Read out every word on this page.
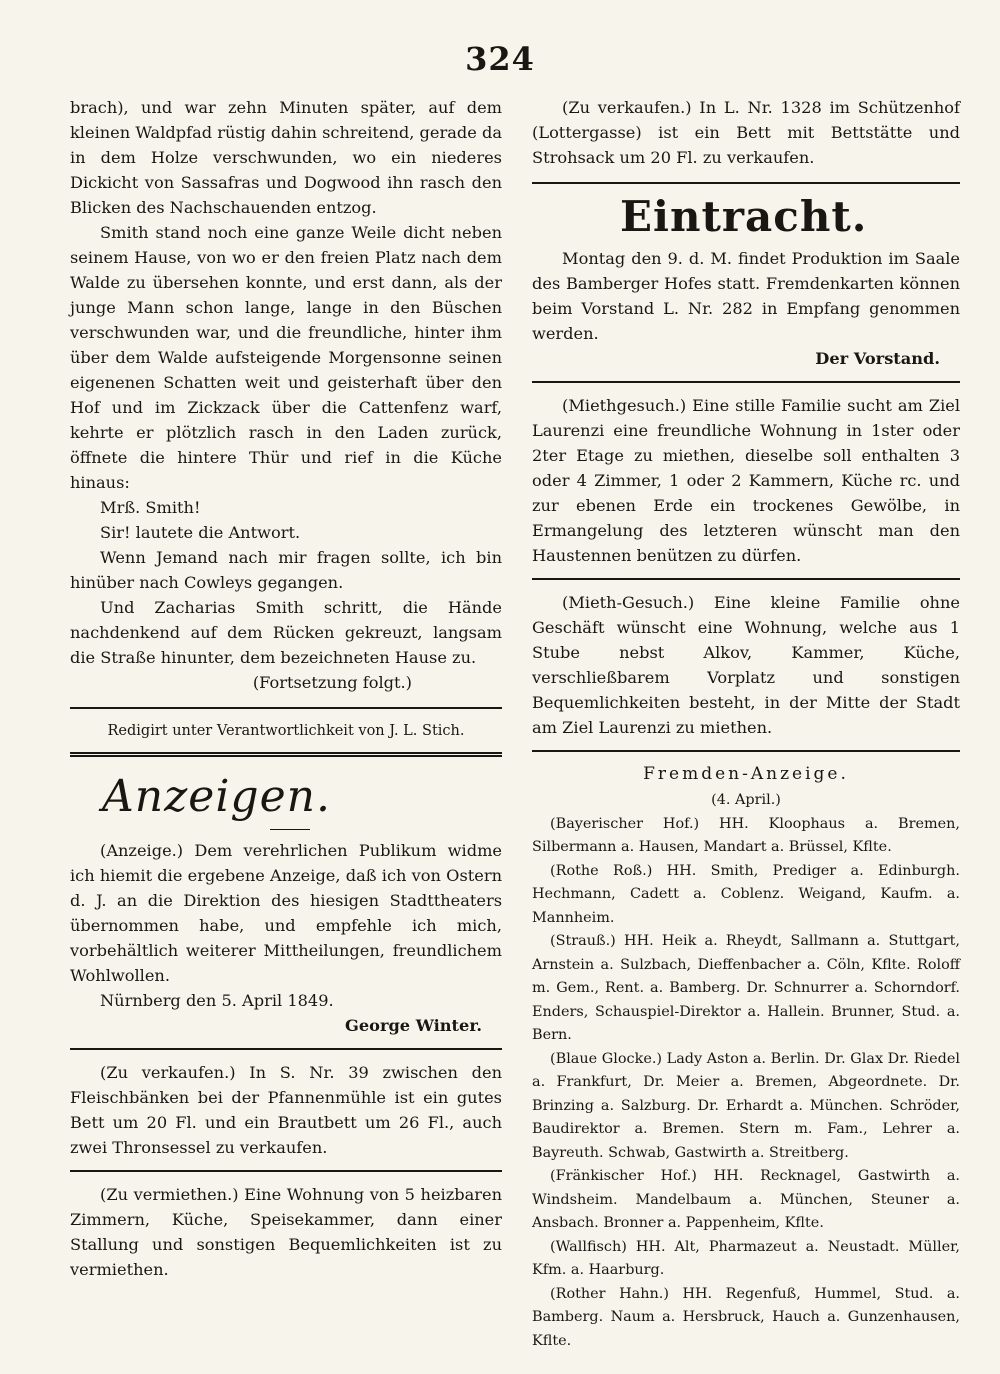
324

brach), und war zehn Minuten später, auf dem kleinen Waldpfad rüstig dahin schreitend, gerade da in dem Holze verschwunden, wo ein niederes Dickicht von Sassafras und Dogwood ihn rasch den Blicken des Nachschauenden entzog.

Smith stand noch eine ganze Weile dicht neben seinem Hause, von wo er den freien Platz nach dem Walde zu übersehen konnte, und erst dann, als der junge Mann schon lange, lange in den Büschen verschwunden war, und die freundliche, hinter ihm über dem Walde aufsteigende Morgensonne seinen eigenenen Schatten weit und geisterhaft über den Hof und im Zickzack über die Cattenfenz warf, kehrte er plötzlich rasch in den Laden zurück, öffnete die hintere Thür und rief in die Küche hinaus:

Mrß. Smith!

Sir! lautete die Antwort.

Wenn Jemand nach mir fragen sollte, ich bin hinüber nach Cowleys gegangen.

Und Zacharias Smith schritt, die Hände nachdenkend auf dem Rücken gekreuzt, langsam die Straße hinunter, dem bezeichneten Hause zu.

(Fortsetzung folgt.)

Redigirt unter Verantwortlichkeit von J. L. Stich.

Anzeigen.

(Anzeige.) Dem verehrlichen Publikum widme ich hiemit die ergebene Anzeige, daß ich von Ostern d. J. an die Direktion des hiesigen Stadttheaters übernommen habe, und empfehle ich mich, vorbehältlich weiterer Mittheilungen, freundlichem Wohlwollen.

Nürnberg den 5. April 1849.

George Winter.

(Zu verkaufen.) In S. Nr. 39 zwischen den Fleischbänken bei der Pfannenmühle ist ein gutes Bett um 20 Fl. und ein Brautbett um 26 Fl., auch zwei Thronsessel zu verkaufen.

(Zu vermiethen.) Eine Wohnung von 5 heizbaren Zimmern, Küche, Speisekammer, dann einer Stallung und sonstigen Bequemlichkeiten ist zu vermiethen.

(Zu verkaufen.) In L. Nr. 1328 im Schützenhof (Lottergasse) ist ein Bett mit Bettstätte und Strohsack um 20 Fl. zu verkaufen.

Eintracht.

Montag den 9. d. M. findet Produktion im Saale des Bamberger Hofes statt. Fremdenkarten können beim Vorstand L. Nr. 282 in Empfang genommen werden.

Der Vorstand.

(Miethgesuch.) Eine stille Familie sucht am Ziel Laurenzi eine freundliche Wohnung in 1ster oder 2ter Etage zu miethen, dieselbe soll enthalten 3 oder 4 Zimmer, 1 oder 2 Kammern, Küche rc. und zur ebenen Erde ein trockenes Gewölbe, in Ermangelung des letzteren wünscht man den Haustennen benützen zu dürfen.

(Mieth-Gesuch.) Eine kleine Familie ohne Geschäft wünscht eine Wohnung, welche aus 1 Stube nebst Alkov, Kammer, Küche, verschließbarem Vorplatz und sonstigen Bequemlichkeiten besteht, in der Mitte der Stadt am Ziel Laurenzi zu miethen.

Fremden-Anzeige.
(4. April.)

(Bayerischer Hof.) HH. Kloophaus a. Bremen, Silbermann a. Hausen, Mandart a. Brüssel, Kflte.

(Rothe Roß.) HH. Smith, Prediger a. Edinburgh. Hechmann, Cadett a. Coblenz. Weigand, Kaufm. a. Mannheim.

(Strauß.) HH. Heik a. Rheydt, Sallmann a. Stuttgart, Arnstein a. Sulzbach, Dieffenbacher a. Cöln, Kflte. Roloff m. Gem., Rent. a. Bamberg. Dr. Schnurrer a. Schorndorf. Enders, Schauspiel-Direktor a. Hallein. Brunner, Stud. a. Bern.

(Blaue Glocke.) Lady Aston a. Berlin. Dr. Glax Dr. Riedel a. Frankfurt, Dr. Meier a. Bremen, Abgeordnete. Dr. Brinzing a. Salzburg. Dr. Erhardt a. München. Schröder, Baudirektor a. Bremen. Stern m. Fam., Lehrer a. Bayreuth. Schwab, Gastwirth a. Streitberg.

(Fränkischer Hof.) HH. Recknagel, Gastwirth a. Windsheim. Mandelbaum a. München, Steuner a. Ansbach. Bronner a. Pappenheim, Kflte.

(Wallfisch) HH. Alt, Pharmazeut a. Neustadt. Müller, Kfm. a. Haarburg.

(Rother Hahn.) HH. Regenfuß, Hummel, Stud. a. Bamberg. Naum a. Hersbruck, Hauch a. Gunzenhausen, Kflte.
